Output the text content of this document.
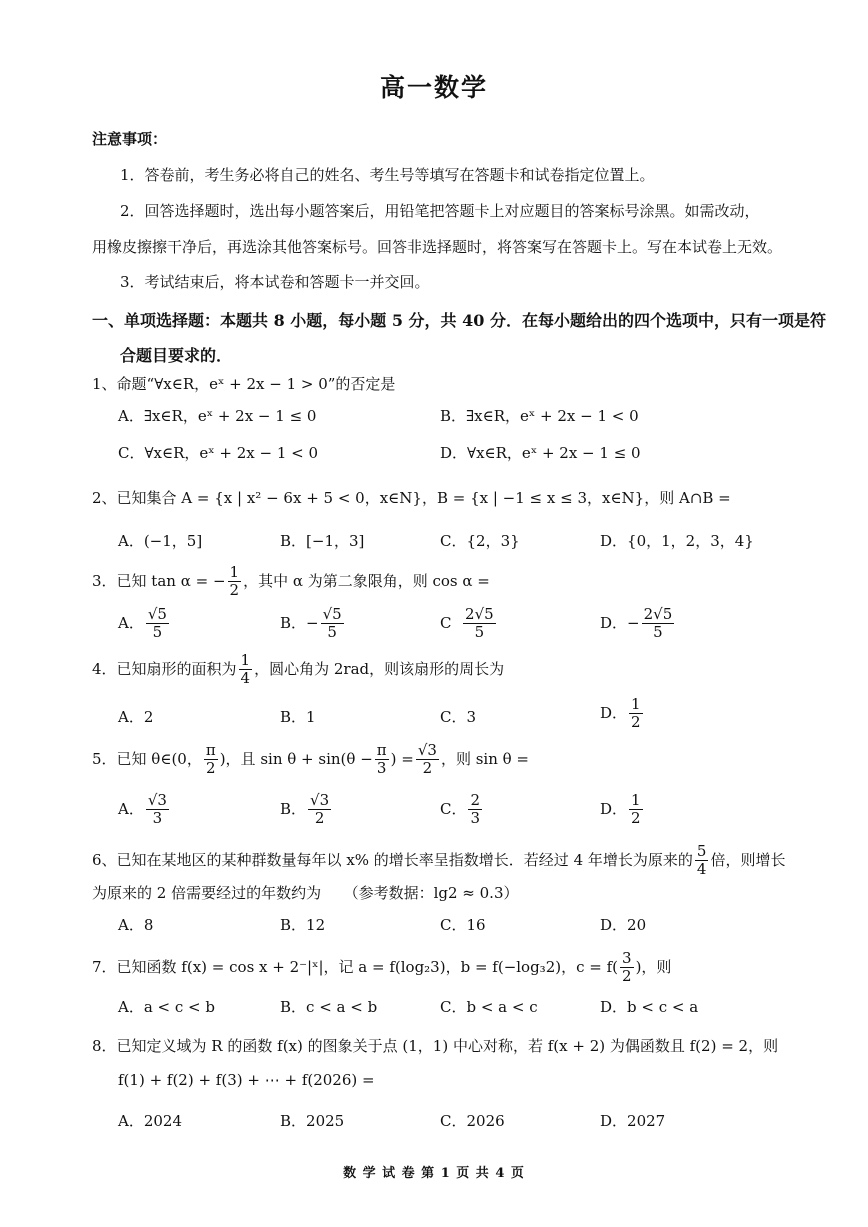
高一数学
注意事项：
1．答卷前，考生务必将自己的姓名、考生号等填写在答题卡和试卷指定位置上。
2．回答选择题时，选出每小题答案后，用铅笔把答题卡上对应题目的答案标号涂黑。如需改动，
用橡皮擦擦干净后，再选涂其他答案标号。回答非选择题时，将答案写在答题卡上。写在本试卷上无效。
3．考试结束后，将本试卷和答题卡一并交回。
一、单项选择题：本题共 8 小题，每小题 5 分，共 40 分．在每小题给出的四个选项中，只有一项是符
合题目要求的．
1、命题“∀x∈R，eˣ + 2x − 1 > 0”的否定是
A．∃x∈R，eˣ + 2x − 1 ≤ 0	B．∃x∈R，eˣ + 2x − 1 < 0
C．∀x∈R，eˣ + 2x − 1 < 0	D．∀x∈R，eˣ + 2x − 1 ≤ 0
2、已知集合 A = {x | x² − 6x + 5 < 0，x∈N}，B = {x | −1 ≤ x ≤ 3，x∈N}，则 A∩B =
A．(−1，5]	B．[−1，3]	C．{2，3}	D．{0，1，2，3，4}
3．已知 tan α = − $\frac{1}{2}$ ，其中 α 为第二象限角，则 cos α =
A． $\frac{√5}{5}$	B．− $\frac{√5}{5}$	C $\frac{2√5}{5}$	D．− $\frac{2√5}{5}$
4．已知扇形的面积为 $\frac{1}{4}$ ，圆心角为 2rad，则该扇形的周长为
A．2	B．1	C．3	D． $\frac{1}{2}$
5．已知 θ∈(0， $\frac{\pi}{2}$ )，且 $\sin \theta + \sin(\theta - \frac{\pi}{3}$ ) = $\frac{√3}{2}$ ，则 sin θ =
A． $\frac{√3}{3}$	B． $\frac{√3}{2}$	C． $\frac{2}{3}$	D． $\frac{1}{2}$
6、已知在某地区的某种群数量每年以 x% 的增长率呈指数增长．若经过 4 年增长为原来的 $\frac{5}{4}$ 倍，则增长
为原来的 2 倍需要经过的年数约为　　（参考数据：lg2 ≈ 0.3）
A．8	B．12	C．16	D．20
7．已知函数 f(x) = cos x + 2⁻|ˣ|，记 a = f(log₂3)，b = f(−log₃2)，$c = f( \frac{3}{2}$ )，则
A．a < c < b	B．c < a < b	C．b < a < c	D．b < c < a
8．已知定义域为 R 的函数 f(x) 的图象关于点 (1，1) 中心对称，若 f(x + 2) 为偶函数且 f(2) = 2，则
f(1) + f(2) + f(3) + ⋯ + f(2026) =
A．2024	B．2025	C．2026	D．2027
数 学 试 卷 第 1 页 共 4 页
